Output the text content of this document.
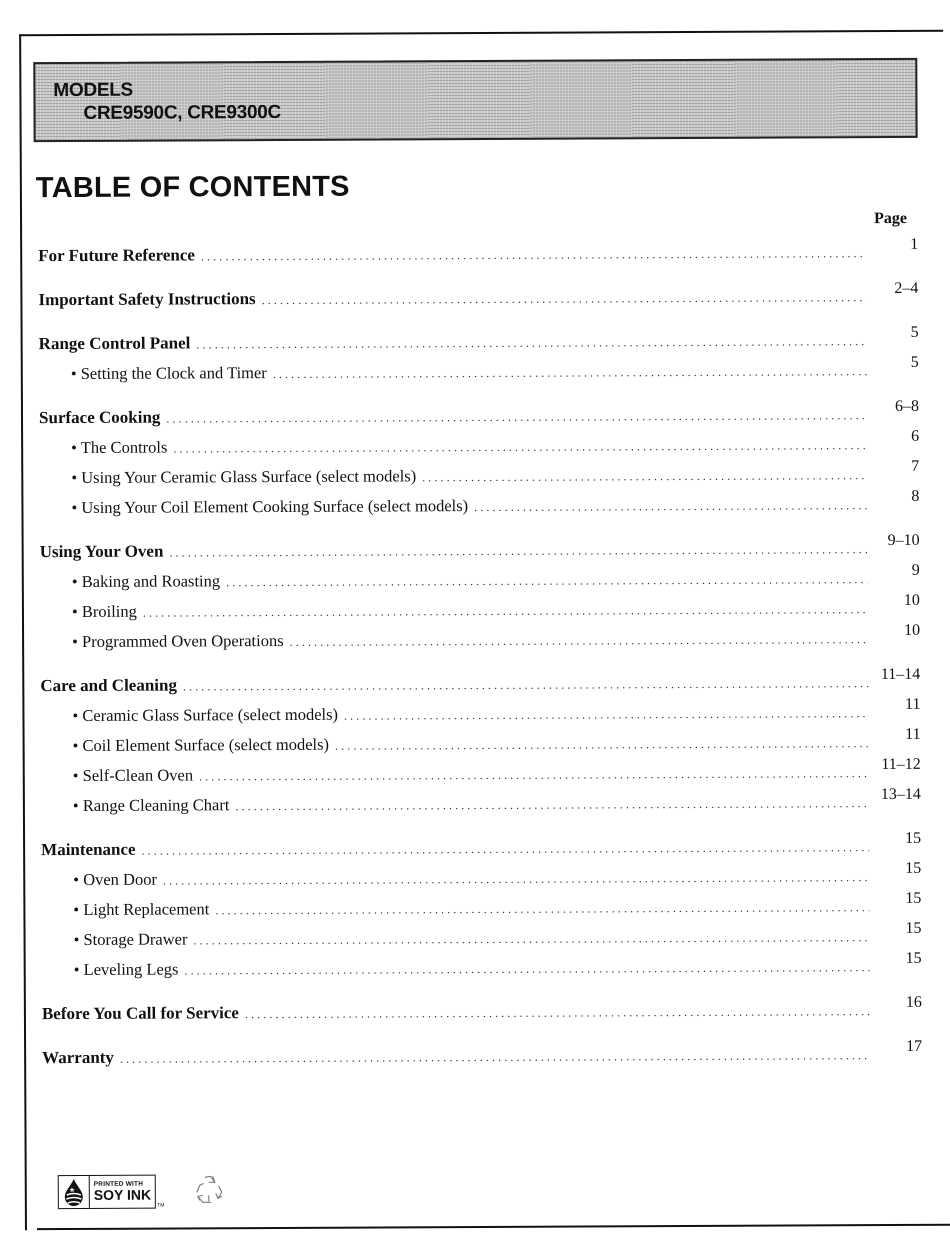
MODELS
CRE9590C, CRE9300C
TABLE OF CONTENTS
Page
For Future Reference
.....
1
Important Safety Instructions
.....
2–4
Range Control Panel
.....
5
• Setting the Clock and Timer
.....
5
Surface Cooking
.....
6–8
• The Controls
.....
6
• Using Your Ceramic Glass Surface (select models)
.....	7
• Using Your Coil Element Cooking Surface (select models)
.....	8
Using Your Oven
.....
9–10
• Baking and Roasting
.....
9
• Broiling
.....
10
• Programmed Oven Operations
.....
10
Care and Cleaning
.....
11–14
• Ceramic Glass Surface (select models)
.....
11
• Coil Element Surface (select models)
.....
11
• Self-Clean Oven
.....
11–12
• Range Cleaning Chart
.....
13–14
Maintenance
.....
15
• Oven Door
.....
15
• Light Replacement
.....
15
• Storage Drawer
.....
15
• Leveling Legs
.....
15
Before You Call for Service
.....
16
Warranty
.....
17
PRINTED WITH
SOY INK
TM
